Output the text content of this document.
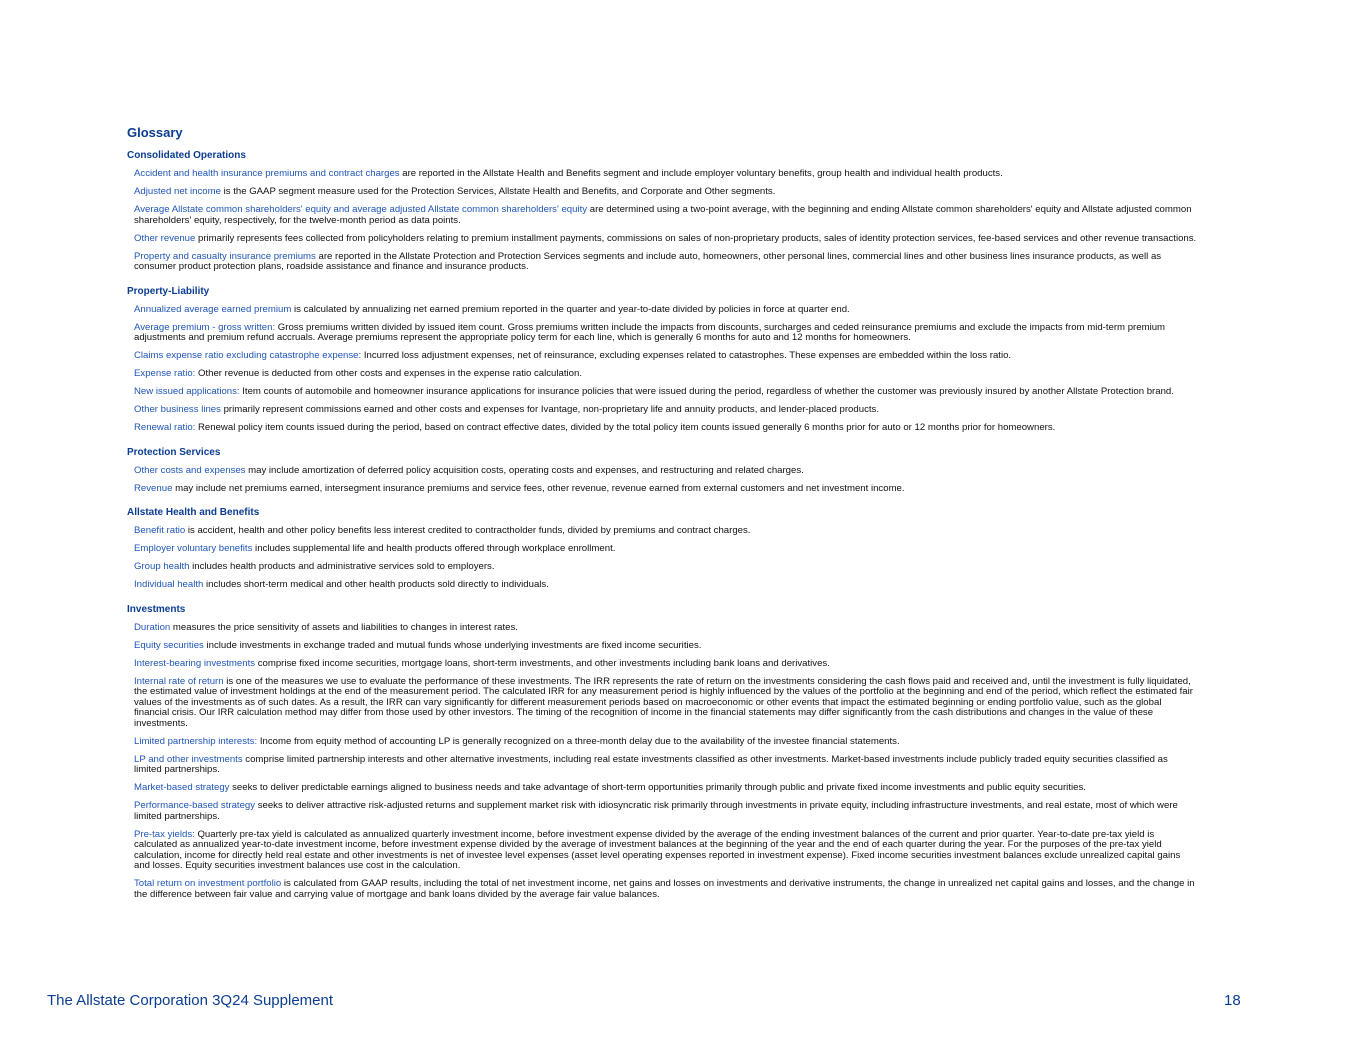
Glossary
Consolidated Operations
Accident and health insurance premiums and contract charges are reported in the Allstate Health and Benefits segment and include employer voluntary benefits, group health and individual health products.
Adjusted net income is the GAAP segment measure used for the Protection Services, Allstate Health and Benefits, and Corporate and Other segments.
Average Allstate common shareholders' equity and average adjusted Allstate common shareholders' equity are determined using a two-point average, with the beginning and ending Allstate common shareholders' equity and Allstate adjusted common shareholders' equity, respectively, for the twelve-month period as data points.
Other revenue primarily represents fees collected from policyholders relating to premium installment payments, commissions on sales of non-proprietary products, sales of identity protection services, fee-based services and other revenue transactions.
Property and casualty insurance premiums are reported in the Allstate Protection and Protection Services segments and include auto, homeowners, other personal lines, commercial lines and other business lines insurance products, as well as consumer product protection plans, roadside assistance and finance and insurance products.
Property-Liability
Annualized average earned premium is calculated by annualizing net earned premium reported in the quarter and year-to-date divided by policies in force at quarter end.
Average premium - gross written: Gross premiums written divided by issued item count. Gross premiums written include the impacts from discounts, surcharges and ceded reinsurance premiums and exclude the impacts from mid-term premium adjustments and premium refund accruals. Average premiums represent the appropriate policy term for each line, which is generally 6 months for auto and 12 months for homeowners.
Claims expense ratio excluding catastrophe expense: Incurred loss adjustment expenses, net of reinsurance, excluding expenses related to catastrophes. These expenses are embedded within the loss ratio.
Expense ratio: Other revenue is deducted from other costs and expenses in the expense ratio calculation.
New issued applications: Item counts of automobile and homeowner insurance applications for insurance policies that were issued during the period, regardless of whether the customer was previously insured by another Allstate Protection brand.
Other business lines primarily represent commissions earned and other costs and expenses for Ivantage, non-proprietary life and annuity products, and lender-placed products.
Renewal ratio: Renewal policy item counts issued during the period, based on contract effective dates, divided by the total policy item counts issued generally 6 months prior for auto or 12 months prior for homeowners.
Protection Services
Other costs and expenses may include amortization of deferred policy acquisition costs, operating costs and expenses, and restructuring and related charges.
Revenue may include net premiums earned, intersegment insurance premiums and service fees, other revenue, revenue earned from external customers and net investment income.
Allstate Health and Benefits
Benefit ratio is accident, health and other policy benefits less interest credited to contractholder funds, divided by premiums and contract charges.
Employer voluntary benefits includes supplemental life and health products offered through workplace enrollment.
Group health includes health products and administrative services sold to employers.
Individual health includes short-term medical and other health products sold directly to individuals.
Investments
Duration measures the price sensitivity of assets and liabilities to changes in interest rates.
Equity securities include investments in exchange traded and mutual funds whose underlying investments are fixed income securities.
Interest-bearing investments comprise fixed income securities, mortgage loans, short-term investments, and other investments including bank loans and derivatives.
Internal rate of return is one of the measures we use to evaluate the performance of these investments. The IRR represents the rate of return on the investments considering the cash flows paid and received and, until the investment is fully liquidated, the estimated value of investment holdings at the end of the measurement period. The calculated IRR for any measurement period is highly influenced by the values of the portfolio at the beginning and end of the period, which reflect the estimated fair values of the investments as of such dates. As a result, the IRR can vary significantly for different measurement periods based on macroeconomic or other events that impact the estimated beginning or ending portfolio value, such as the global financial crisis. Our IRR calculation method may differ from those used by other investors. The timing of the recognition of income in the financial statements may differ significantly from the cash distributions and changes in the value of these investments.
Limited partnership interests: Income from equity method of accounting LP is generally recognized on a three-month delay due to the availability of the investee financial statements.
LP and other investments comprise limited partnership interests and other alternative investments, including real estate investments classified as other investments. Market-based investments include publicly traded equity securities classified as limited partnerships.
Market-based strategy seeks to deliver predictable earnings aligned to business needs and take advantage of short-term opportunities primarily through public and private fixed income investments and public equity securities.
Performance-based strategy seeks to deliver attractive risk-adjusted returns and supplement market risk with idiosyncratic risk primarily through investments in private equity, including infrastructure investments, and real estate, most of which were limited partnerships.
Pre-tax yields: Quarterly pre-tax yield is calculated as annualized quarterly investment income, before investment expense divided by the average of the ending investment balances of the current and prior quarter. Year-to-date pre-tax yield is calculated as annualized year-to-date investment income, before investment expense divided by the average of investment balances at the beginning of the year and the end of each quarter during the year. For the purposes of the pre-tax yield calculation, income for directly held real estate and other investments is net of investee level expenses (asset level operating expenses reported in investment expense). Fixed income securities investment balances exclude unrealized capital gains and losses. Equity securities investment balances use cost in the calculation.
Total return on investment portfolio is calculated from GAAP results, including the total of net investment income, net gains and losses on investments and derivative instruments, the change in unrealized net capital gains and losses, and the change in the difference between fair value and carrying value of mortgage and bank loans divided by the average fair value balances.
The Allstate Corporation 3Q24 Supplement	18
